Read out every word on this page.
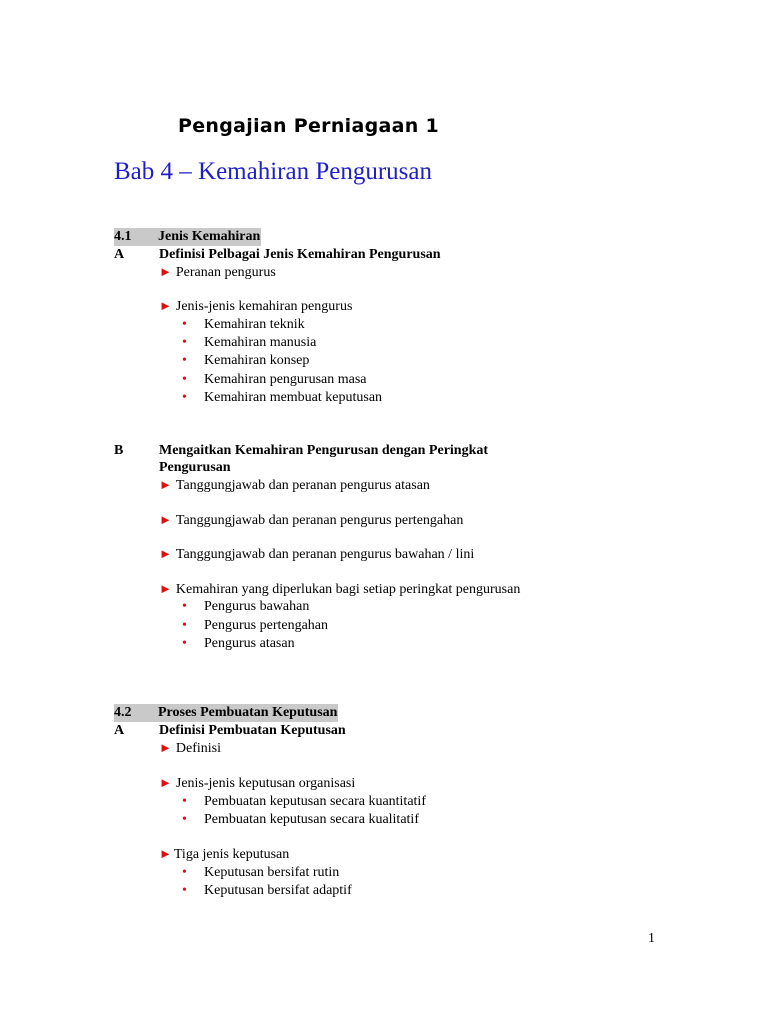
Pengajian Perniagaan 1
Bab 4 – Kemahiran Pengurusan
4.1 Jenis Kemahiran
A Definisi Pelbagai Jenis Kemahiran Pengurusan
► Peranan pengurus
► Jenis-jenis kemahiran pengurus
• Kemahiran teknik
• Kemahiran manusia
• Kemahiran konsep
• Kemahiran pengurusan masa
• Kemahiran membuat keputusan
B	Mengaitkan Kemahiran Pengurusan dengan Peringkat
Pengurusan
► Tanggungjawab dan peranan pengurus atasan
► Tanggungjawab dan peranan pengurus pertengahan
► Tanggungjawab dan peranan pengurus bawahan / lini
► Kemahiran yang diperlukan bagi setiap peringkat pengurusan
• Pengurus bawahan
• Pengurus pertengahan
• Pengurus atasan
4.2 Proses Pembuatan Keputusan
A Definisi Pembuatan Keputusan
► Definisi
► Jenis-jenis keputusan organisasi
• Pembuatan keputusan secara kuantitatif
• Pembuatan keputusan secara kualitatif
► Tiga jenis keputusan
• Keputusan bersifat rutin
• Keputusan bersifat adaptif
1
